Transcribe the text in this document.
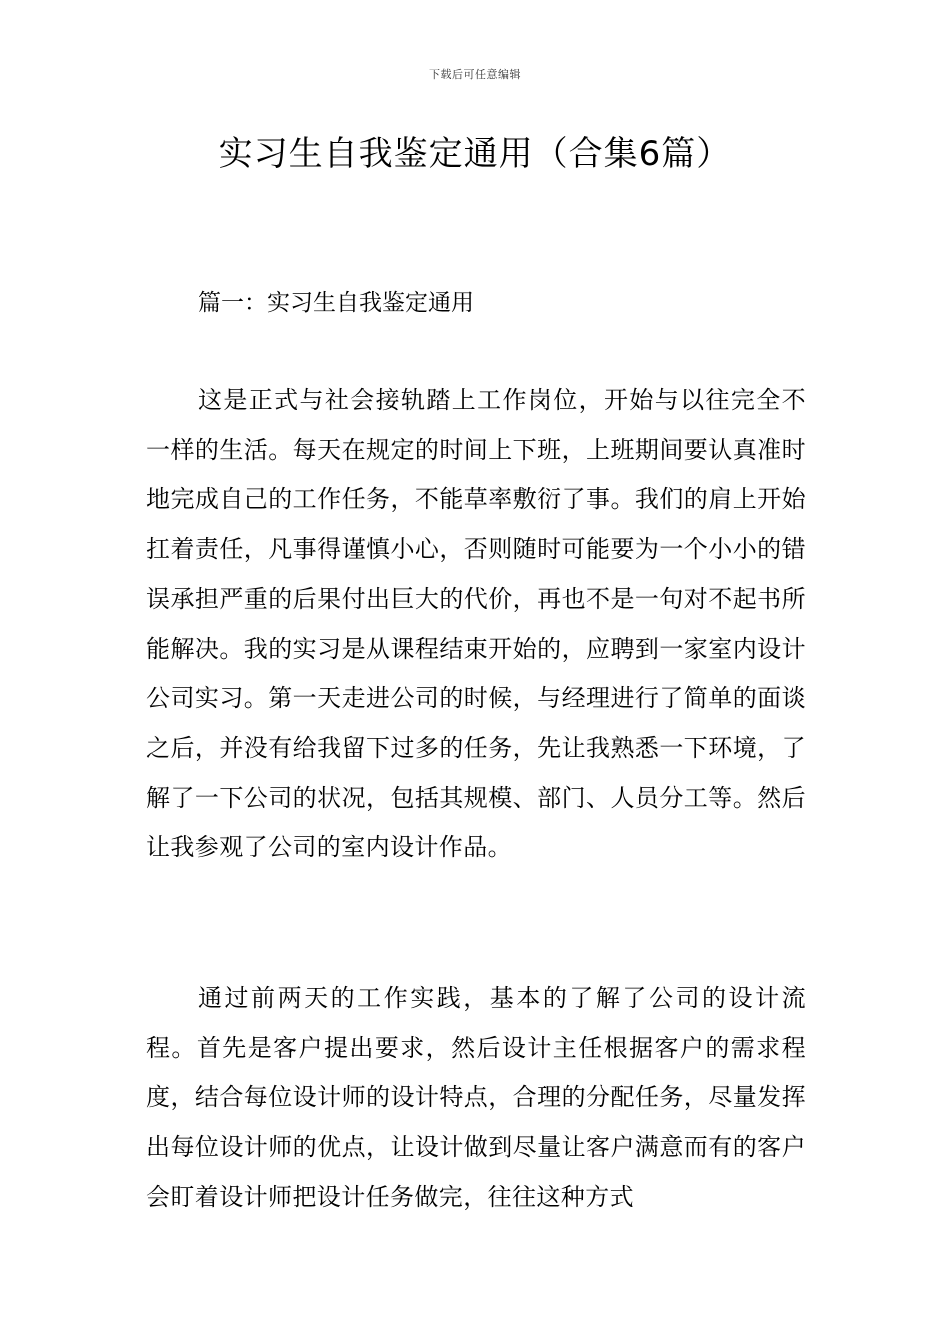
下载后可任意编辑
实习生自我鉴定通用（合集6篇）
篇一：实习生自我鉴定通用

这是正式与社会接轨踏上工作岗位，开始与以往完全不一样的生活。每天在规定的时间上下班，上班期间要认真准时地完成自己的工作任务，不能草率敷衍了事。我们的肩上开始扛着责任，凡事得谨慎小心，否则随时可能要为一个小小的错误承担严重的后果付出巨大的代价，再也不是一句对不起书所能解决。我的实习是从课程结束开始的，应聘到一家室内设计公司实习。第一天走进公司的时候，与经理进行了简单的面谈之后，并没有给我留下过多的任务，先让我熟悉一下环境，了解了一下公司的状况，包括其规模、部门、人员分工等。然后让我参观了公司的室内设计作品。

通过前两天的工作实践，基本的了解了公司的设计流程。首先是客户提出要求，然后设计主任根据客户的需求程度，结合每位设计师的设计特点，合理的分配任务，尽量发挥出每位设计师的优点，让设计做到尽量让客户满意而有的客户会盯着设计师把设计任务做完，往往这种方式
